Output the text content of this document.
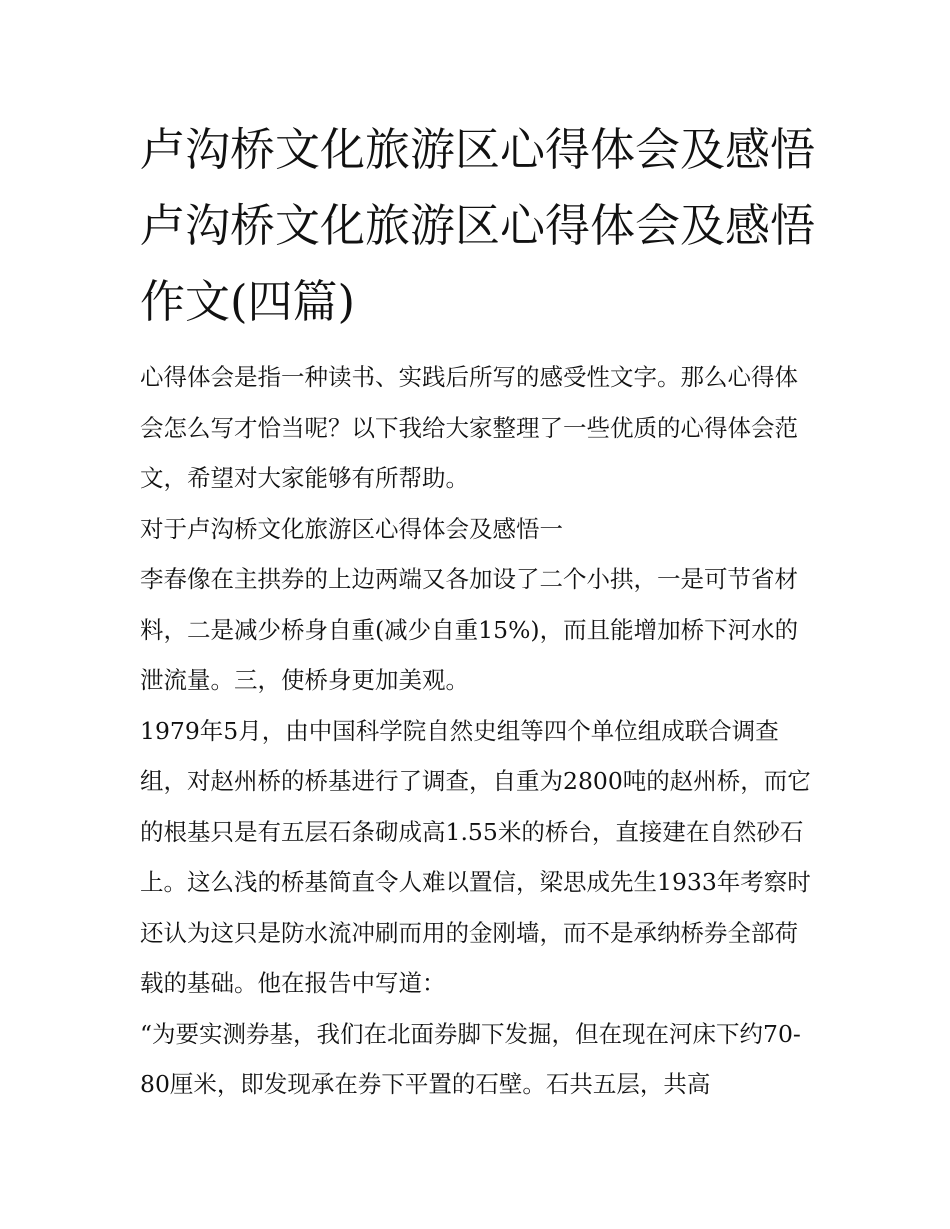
卢沟桥文化旅游区心得体会及感悟 卢沟桥文化旅游区心得体会及感悟作文(四篇)

心得体会是指一种读书、实践后所写的感受性文字。那么心得体会怎么写才恰当呢？以下我给大家整理了一些优质的心得体会范文，希望对大家能够有所帮助。

对于卢沟桥文化旅游区心得体会及感悟一

李春像在主拱券的上边两端又各加设了二个小拱，一是可节省材料，二是减少桥身自重(减少自重15%)，而且能增加桥下河水的泄流量。三，使桥身更加美观。

1979年5月，由中国科学院自然史组等四个单位组成联合调查组，对赵州桥的桥基进行了调查，自重为2800吨的赵州桥，而它的根基只是有五层石条砌成高1.55米的桥台，直接建在自然砂石上。这么浅的桥基简直令人难以置信，梁思成先生1933年考察时还认为这只是防水流冲刷而用的金刚墙，而不是承纳桥券全部荷载的基础。他在报告中写道：

“为要实测券基，我们在北面券脚下发掘，但在现在河床下约70-80厘米，即发现承在券下平置的石壁。石共五层，共高
